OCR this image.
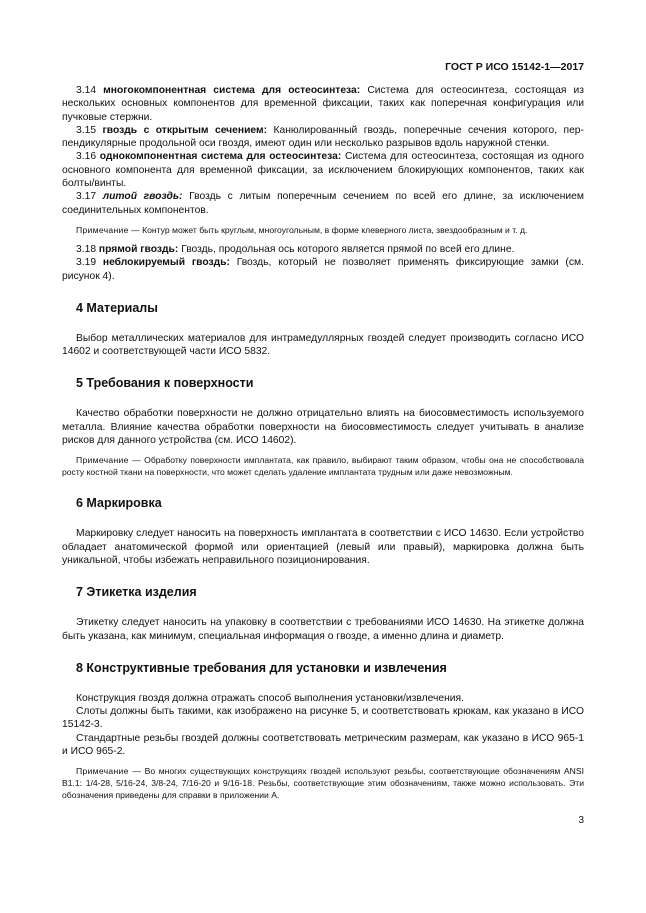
ГОСТ Р ИСО 15142-1—2017

3.14 многокомпонентная система для остеосинтеза: Система для остеосинтеза, состоящая из нескольких основных компонентов для временной фиксации, таких как поперечная конфигурация или пучковые стержни.

3.15 гвоздь с открытым сечением: Канюлированный гвоздь, поперечные сечения которого, перпендикулярные продольной оси гвоздя, имеют один или несколько разрывов вдоль наружной стенки.

3.16 однокомпонентная система для остеосинтеза: Система для остеосинтеза, состоящая из одного основного компонента для временной фиксации, за исключением блокирующих компонентов, таких как болты/винты.

3.17 литой гвоздь: Гвоздь с литым поперечным сечением по всей его длине, за исключением соединительных компонентов.

Примечание — Контур может быть круглым, многоугольным, в форме клеверного листа, звездообразным и т. д.

3.18 прямой гвоздь: Гвоздь, продольная ось которого является прямой по всей его длине.

3.19 неблокируемый гвоздь: Гвоздь, который не позволяет применять фиксирующие замки (см. рисунок 4).

4 Материалы

Выбор металлических материалов для интрамедуллярных гвоздей следует производить согласно ИСО 14602 и соответствующей части ИСО 5832.

5 Требования к поверхности

Качество обработки поверхности не должно отрицательно влиять на биосовместимость используемого металла. Влияние качества обработки поверхности на биосовместимость следует учитывать в анализе рисков для данного устройства (см. ИСО 14602).

Примечание — Обработку поверхности имплантата, как правило, выбирают таким образом, чтобы она не способствовала росту костной ткани на поверхности, что может сделать удаление имплантата трудным или даже невозможным.

6 Маркировка

Маркировку следует наносить на поверхность имплантата в соответствии с ИСО 14630. Если устройство обладает анатомической формой или ориентацией (левый или правый), маркировка должна быть уникальной, чтобы избежать неправильного позиционирования.

7 Этикетка изделия

Этикетку следует наносить на упаковку в соответствии с требованиями ИСО 14630. На этикетке должна быть указана, как минимум, специальная информация о гвозде, а именно длина и диаметр.

8 Конструктивные требования для установки и извлечения

Конструкция гвоздя должна отражать способ выполнения установки/извлечения.

Слоты должны быть такими, как изображено на рисунке 5, и соответствовать крюкам, как указано в ИСО 15142-3.

Стандартные резьбы гвоздей должны соответствовать метрическим размерам, как указано в ИСО 965-1 и ИСО 965-2.

Примечание — Во многих существующих конструкциях гвоздей используют резьбы, соответствующие обозначениям ANSI B1.1: 1/4-28, 5/16-24, 3/8-24, 7/16-20 и 9/16-18. Резьбы, соответствующие этим обозначениям, также можно использовать. Эти обозначения приведены для справки в приложении А.

3
